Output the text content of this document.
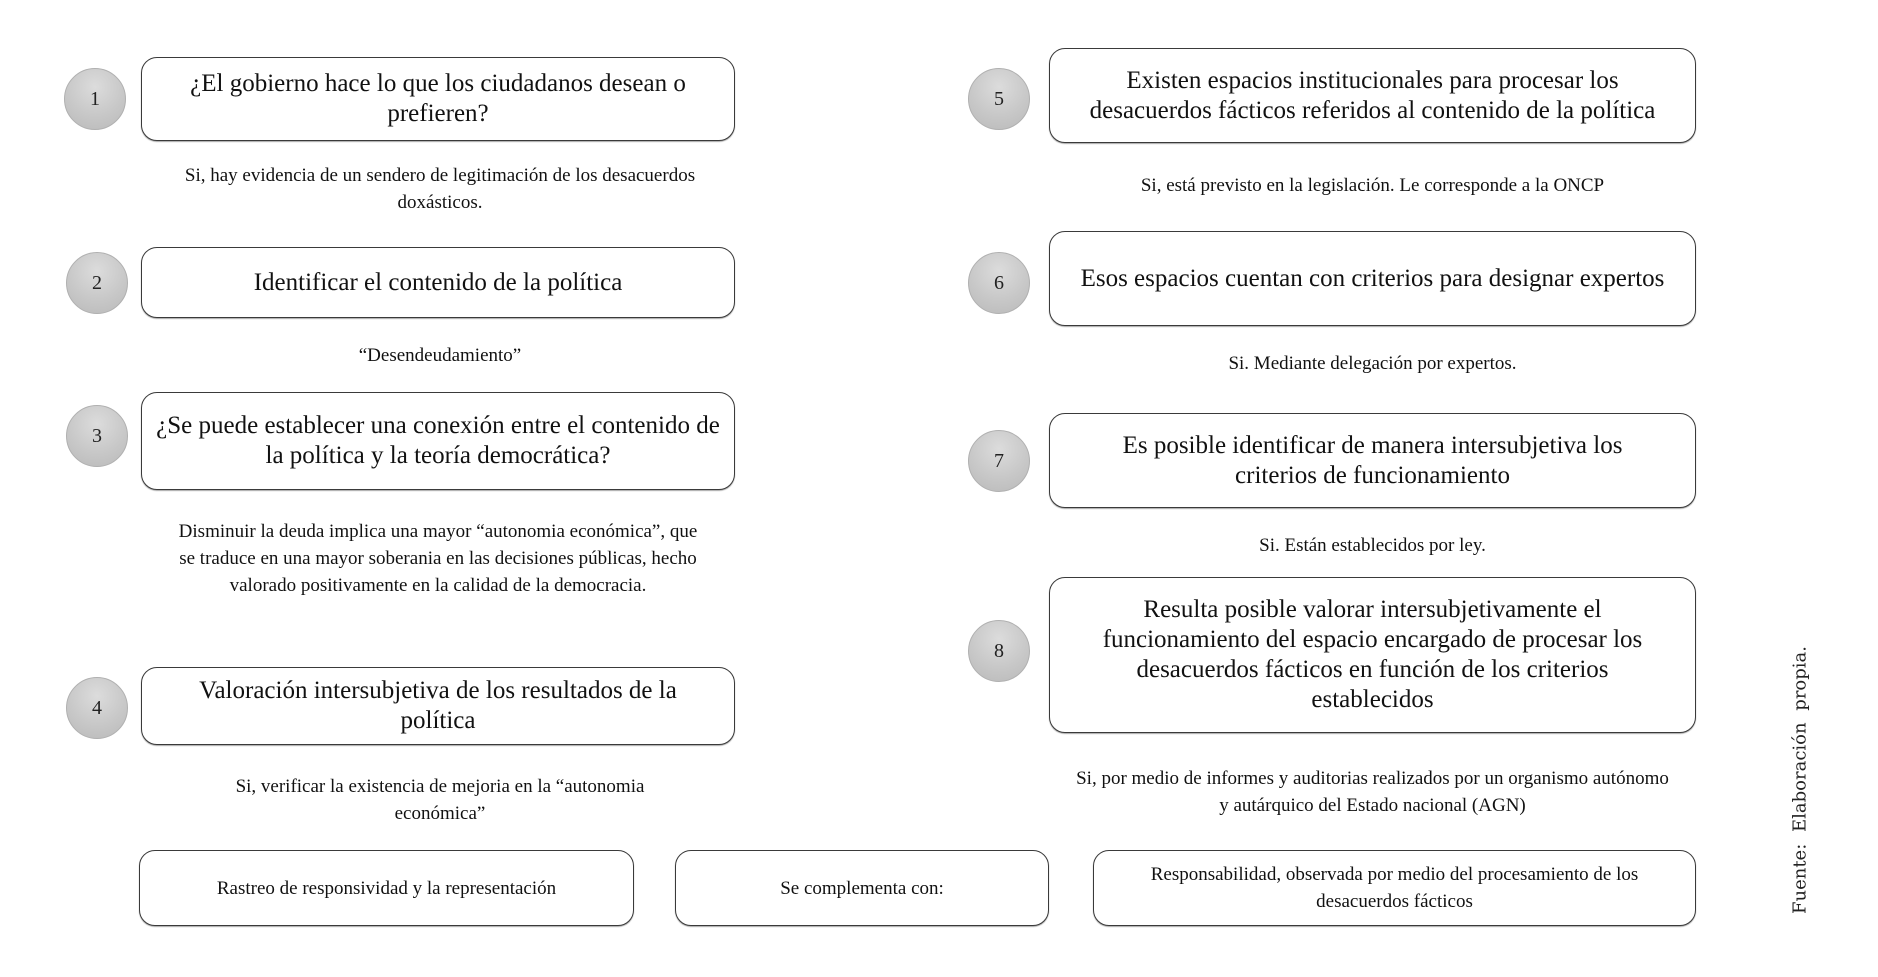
1
¿El gobierno hace lo que los ciudadanos desean o prefieren?
Si, hay evidencia de un sendero de legitimación de los desacuerdos doxásticos.
2	Identificar el contenido de la política
“Desendeudamiento”
3 ¿Se puede establecer una conexión entre el contenido de la política y la teoría democrática?
Disminuir la deuda implica una mayor “autonomia económica”, que se traduce en una mayor soberania en las decisiones públicas, hecho valorado positivamente en la calidad de la democracia.
4
Valoración intersubjetiva de los resultados de la política
Si, verificar la existencia de mejoria en la “autonomia económica”
5
Existen espacios institucionales para procesar los desacuerdos fácticos referidos al contenido de la política
Si, está previsto en la legislación. Le corresponde a la ONCP
6	Esos espacios cuentan con criterios para designar expertos
Si. Mediante delegación por expertos.
7
Es posible identificar de manera intersubjetiva los criterios de funcionamiento
Si. Están establecidos por ley.
8
Resulta posible valorar intersubjetivamente el funcionamiento del espacio encargado de procesar los desacuerdos fácticos en función de los criterios establecidos
Si, por medio de informes y auditorias realizados por un organismo autónomo y autárquico del Estado nacional (AGN)
Rastreo de responsividad y la representación	Se complementa con:
Responsabilidad, observada por medio del procesamiento de los desacuerdos fácticos	Fuente: Elaboración propia.
